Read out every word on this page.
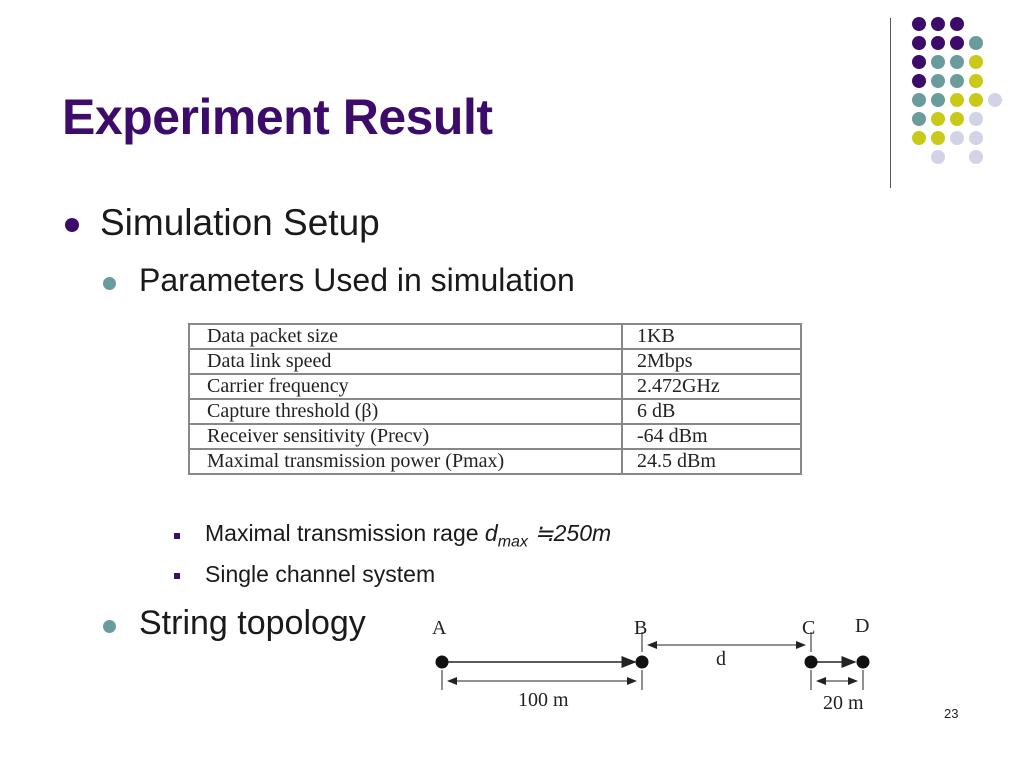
Experiment Result
Simulation Setup
Parameters Used in simulation
Data packet size	1KB
Data link speed	2Mbps
Carrier frequency	2.472GHz
Capture threshold (β)	6 dB
Receiver sensitivity (Precv)	-64 dBm
Maximal transmission power (Pmax)	24.5 dBm
Maximal transmission rage $d_{max}$ ≒250m
Single channel system
String topology	A	B	C D
d
100 m	20 m	23
